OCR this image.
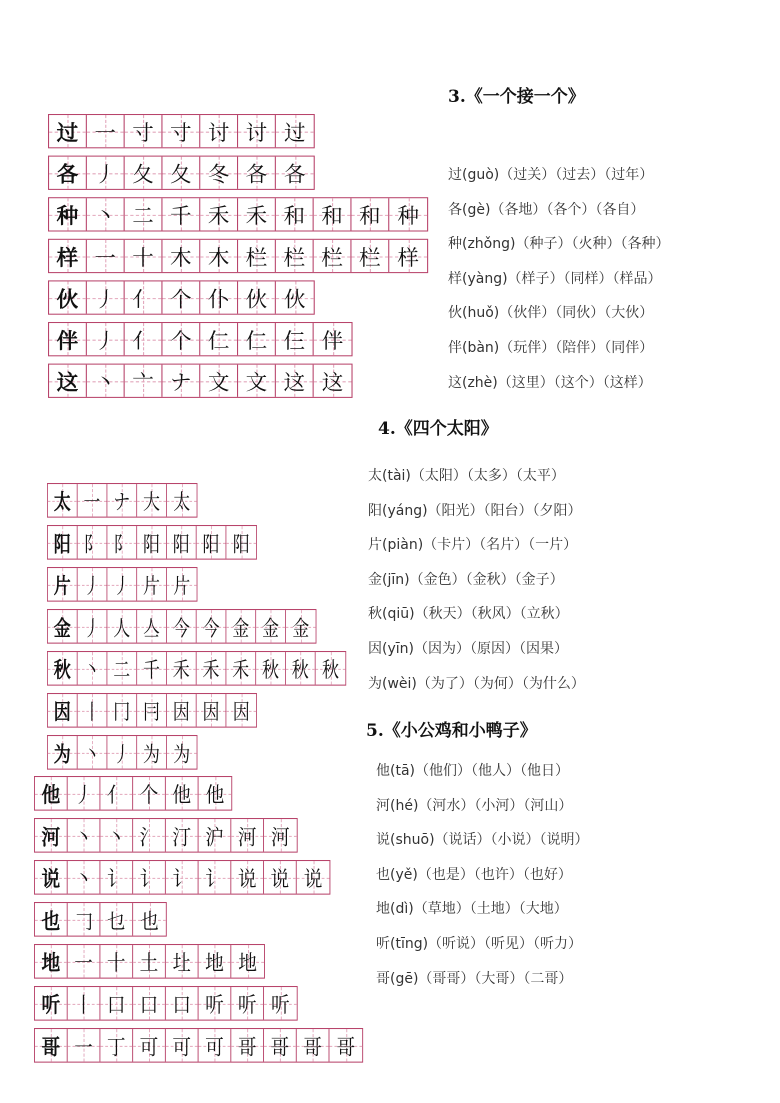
3.《一个接一个》
过 一 寸 寸 讨 讨 过
各 丿 夂 夂 冬 各 各
种 丶 二 千 禾 禾 和 和 和 种
样 一 十 木 木 栏 栏 栏 栏 样
伙 丿 亻 个 仆 伙 伙
伴 丿 亻 个 仁 仁 仨 伴
这 丶 亠 ナ 文 文 这 这
过(guò)（过关）（过去）（过年）
各(gè)（各地）（各个）（各自）
种(zhǒng)（种子）（火种）（各种）
样(yàng)（样子）（同样）（样品）
伙(huǒ)（伙伴）（同伙）（大伙）
伴(bàn)（玩伴）（陪伴）（同伴）
这(zhè)（这里）（这个）（这样）
4.《四个太阳》
太 一 ナ 大 太
阳 阝 阝 阳 阳 阳 阳
片 丿 丿 片 片
金 丿 人 亼 今 今 金 金 金
秋 丶 二 千 禾 禾 禾 秋 秋 秋
因 丨 冂 冃 因 因 因
为 丶 丿 为 为
太(tài)（太阳）（太多）（太平）
阳(yáng)（阳光）（阳台）（夕阳）
片(piàn)（卡片）（名片）（一片）
金(jīn)（金色）（金秋）（金子）
秋(qiū)（秋天）（秋风）（立秋）
因(yīn)（因为）（原因）（因果）
为(wèi)（为了）（为何）（为什么）
5.《小公鸡和小鸭子》
他 丿 亻 个 他 他
河 丶 丶 氵 汀 沪 河 河
说 丶 讠 讠 讠 讠 说 说 说
也 𠃌 乜 也
地 一 十 土 圵 地 地
听 丨 口 口 口 听 听 听
哥 一 丁 可 可 可 哥 哥 哥 哥
他(tā)（他们）（他人）（他日）
河(hé)（河水）（小河）（河山）
说(shuō)（说话）（小说）（说明）
也(yě)（也是）（也许）（也好）
地(dì)（草地）（土地）（大地）
听(tīng)（听说）（听见）（听力）
哥(gē)（哥哥）（大哥）（二哥）
